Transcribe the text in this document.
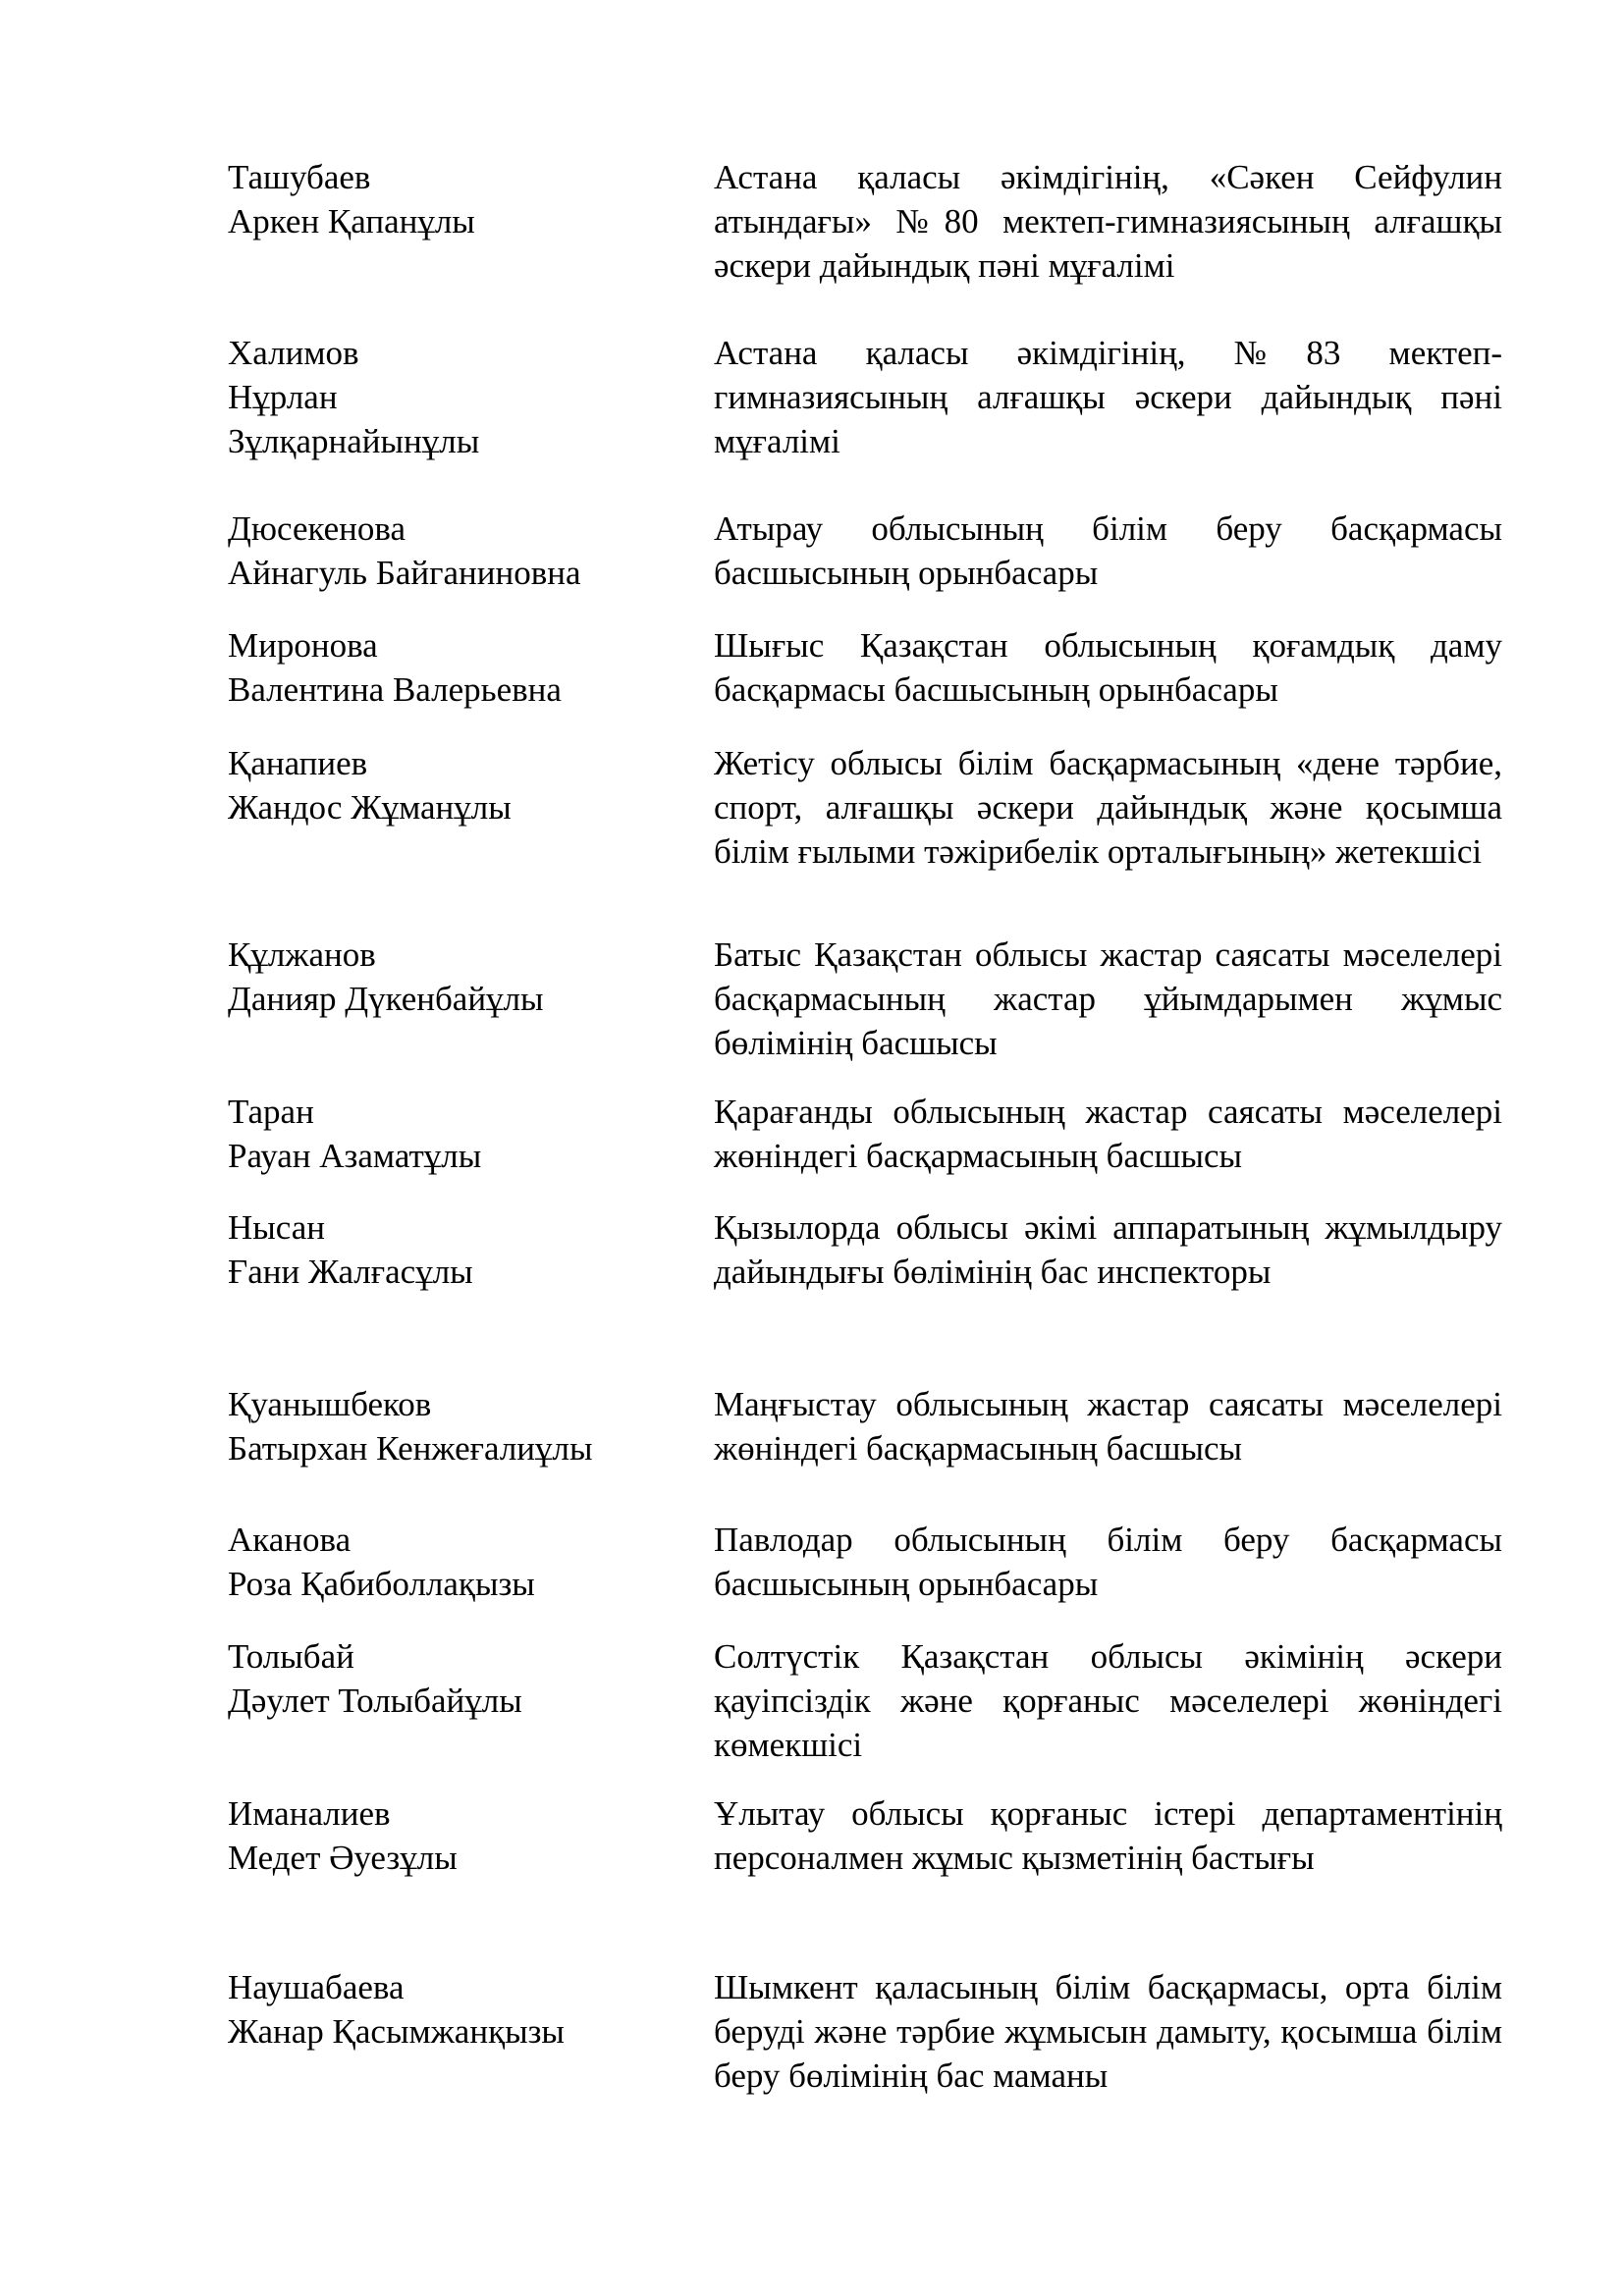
Ташубаев
Аркен Қапанұлы
Астана қаласы әкімдігінің, «Сәкен Сейфулин атындағы» №80 мектеп-гимназиясының алғашқы әскери дайындық пәні мұғалімі
Халимов
Нұрлан
Зұлқарнайынұлы
Астана қаласы әкімдігінің, №83 мектеп-гимназиясының алғашқы әскери дайындық пәні мұғалімі
Дюсекенова
Айнагуль Байганиновна
Атырау облысының білім беру басқармасы басшысының орынбасары
Миронова
Валентина Валерьевна
Шығыс Қазақстан облысының қоғамдық даму басқармасы басшысының орынбасары
Қанапиев
Жандос Жұманұлы
Жетісу облысы білім басқармасының «дене тәрбие, спорт, алғашқы әскери дайындық және қосымша білім ғылыми тәжірибелік орталығының» жетекшісі
Құлжанов
Данияр Дүкенбайұлы
Батыс Қазақстан облысы жастар саясаты мәселелері басқармасының жастар ұйымдарымен жұмыс бөлімінің басшысы
Таран
Рауан Азаматұлы
Қарағанды облысының жастар саясаты мәселелері жөніндегі басқармасының басшысы
Нысан
Ғани Жалғасұлы
Қызылорда облысы әкімі аппаратының жұмылдыру дайындығы бөлімінің бас инспекторы
Қуанышбеков
Батырхан Кенжеғалиұлы
Маңғыстау облысының жастар саясаты мәселелері жөніндегі басқармасының басшысы
Аканова
Роза Қабиболлақызы
Павлодар облысының білім беру басқармасы басшысының орынбасары
Толыбай
Дәулет Толыбайұлы
Солтүстік Қазақстан облысы әкімінің әскери қауіпсіздік және қорғаныс мәселелері жөніндегі көмекшісі
Иманалиев
Медет Әуезұлы
Ұлытау облысы қорғаныс істері департаментінің персоналмен жұмыс қызметінің бастығы
Наушабаева
Жанар Қасымжанқызы
Шымкент қаласының білім басқармасы, орта білім беруді және тәрбие жұмысын дамыту, қосымша білім беру бөлімінің бас маманы
